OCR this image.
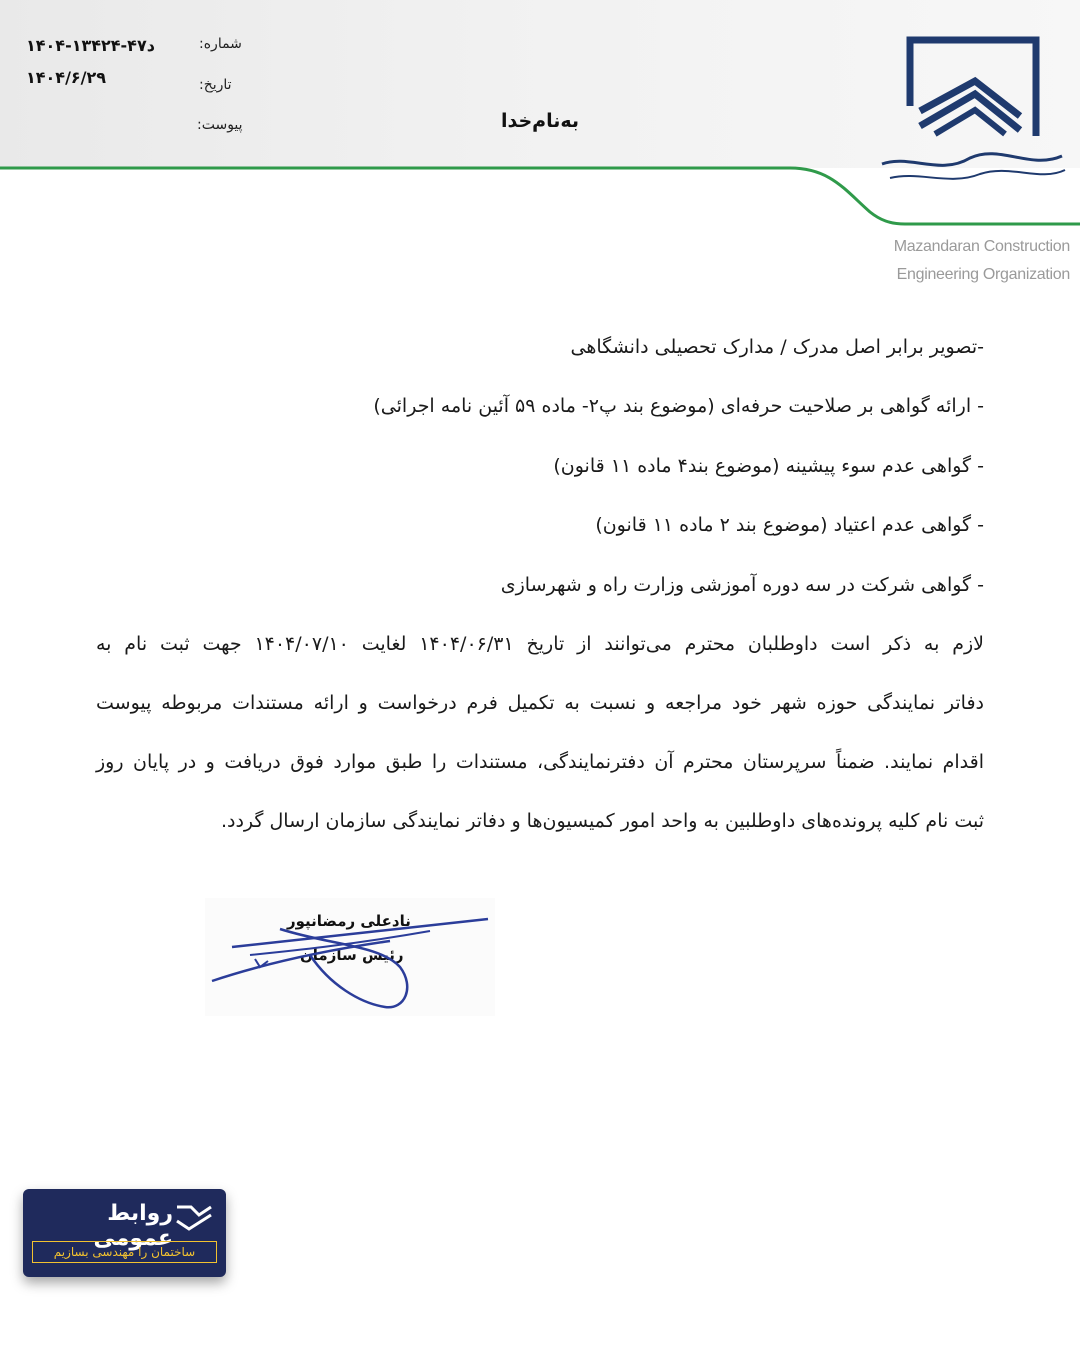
Mazandaran Construction
Engineering Organization
شماره:
۱۴۰۴-د۴۷-۱۳۴۲۴
تاریخ:
۱۴۰۴/۶/۲۹
پیوست:	به‌نام‌خدا
-تصویر برابر اصل مدرک / مدارک تحصیلی دانشگاهی
- ارائه گواهی بر صلاحیت حرفه‌ای (موضوع بند پ۲- ماده ۵۹ آئین نامه اجرائی)
- گواهی عدم سوء پیشینه (موضوع بند۴ ماده ۱۱ قانون)
- گواهی عدم اعتیاد (موضوع بند ۲ ماده ۱۱ قانون)
- گواهی شرکت در سه دوره آموزشی وزارت راه و شهرسازی
لازم به ذکر است داوطلبان محترم می‌توانند از تاریخ ۱۴۰۴/۰۶/۳۱ لغایت ۱۴۰۴/۰۷/۱۰ جهت ثبت نام به
دفاتر نمایندگی حوزه شهر خود مراجعه و نسبت به تکمیل فرم درخواست و ارائه مستندات مربوطه پیوست
اقدام نمایند. ضمناً سرپرستان محترم آن دفترنمایندگی، مستندات را طبق موارد فوق دریافت و در پایان روز
ثبت نام کلیه پرونده‌های داوطلبین به واحد امور کمیسیون‌ها و دفاتر نمایندگی سازمان ارسال گردد.
نادعلی رمضانپور
رئیس سازمان
روابط عمومی
ساختمان را مهندسی بسازیم
